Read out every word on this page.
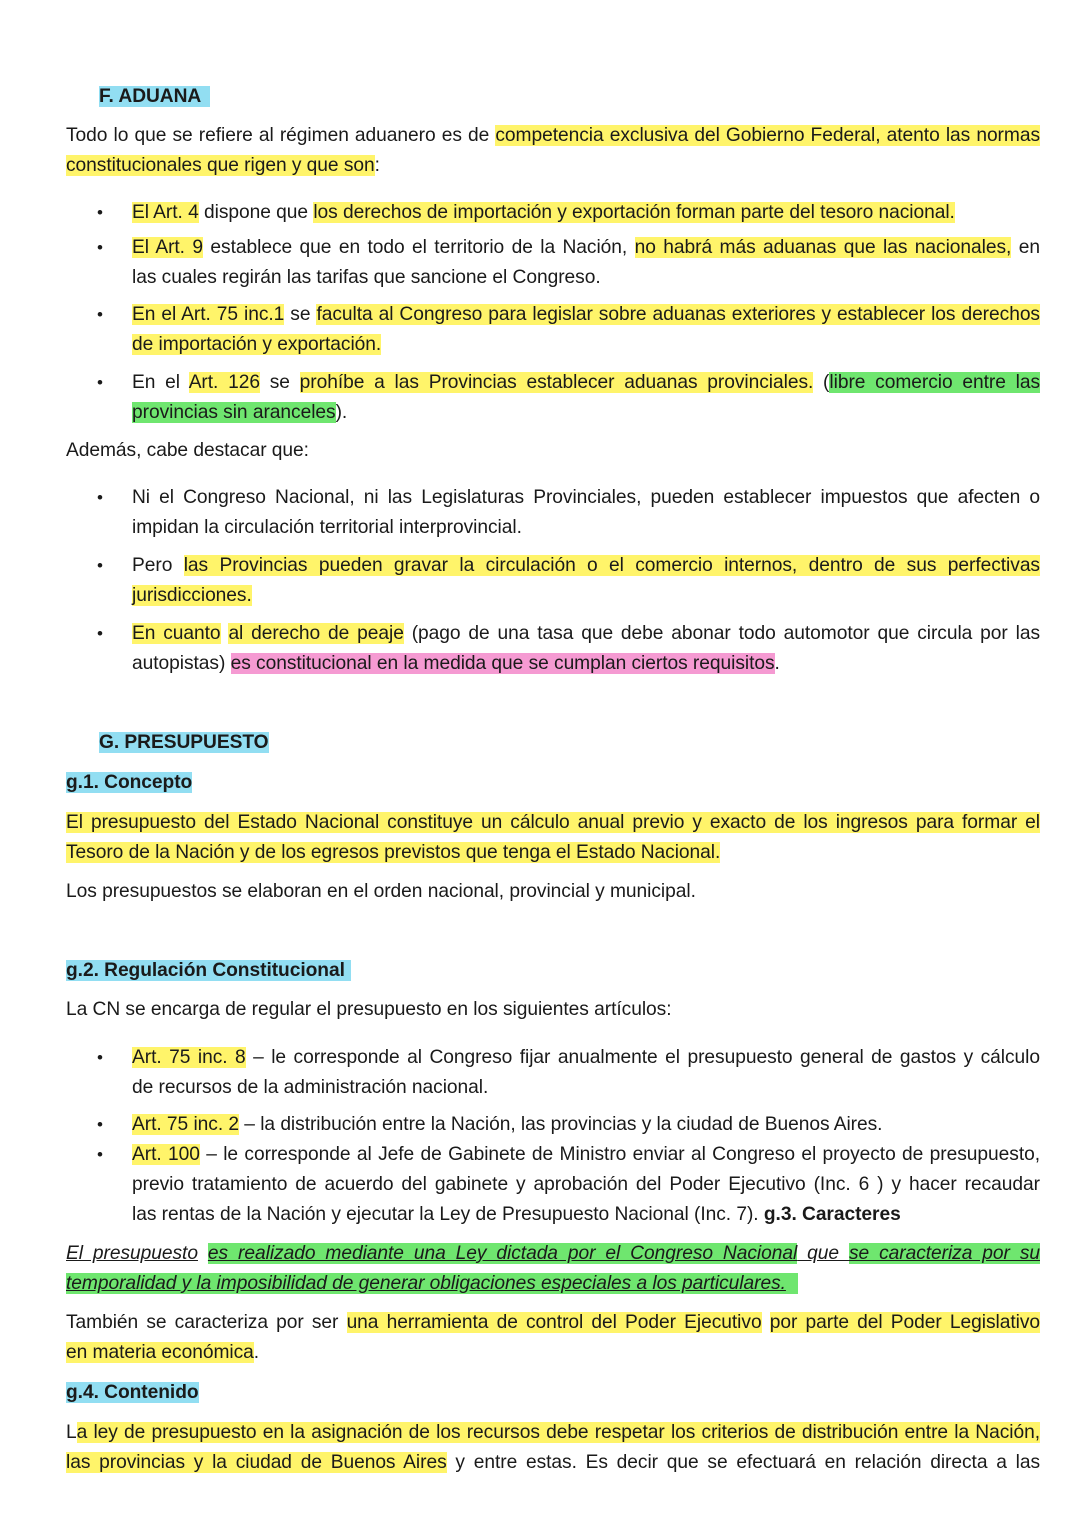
F. ADUANA
Todo lo que se refiere al régimen aduanero es de competencia exclusiva del Gobierno Federal, atento las normas
constitucionales que rigen y que son:
• El Art. 4 dispone que los derechos de importación y exportación forman parte del tesoro nacional.
• El Art. 9 establece que en todo el territorio de la Nación, no habrá más aduanas que las nacionales, en
las cuales regirán las tarifas que sancione el Congreso.
• En el Art. 75 inc.1 se faculta al Congreso para legislar sobre aduanas exteriores y establecer los derechos
de importación y exportación.
• En el Art. 126 se prohíbe a las Provincias establecer aduanas provinciales. (libre comercio entre las
provincias sin aranceles).
Además, cabe destacar que:
• Ni el Congreso Nacional, ni las Legislaturas Provinciales, pueden establecer impuestos que afecten o
impidan la circulación territorial interprovincial.
• Pero las Provincias pueden gravar la circulación o el comercio internos, dentro de sus perfectivas
jurisdicciones.
• En cuanto al derecho de peaje (pago de una tasa que debe abonar todo automotor que circula por las
autopistas) es constitucional en la medida que se cumplan ciertos requisitos.
G. PRESUPUESTO
g.1. Concepto
El presupuesto del Estado Nacional constituye un cálculo anual previo y exacto de los ingresos para formar el
Tesoro de la Nación y de los egresos previstos que tenga el Estado Nacional.
Los presupuestos se elaboran en el orden nacional, provincial y municipal.
g.2. Regulación Constitucional
La CN se encarga de regular el presupuesto en los siguientes artículos:
• Art. 75 inc. 8 – le corresponde al Congreso fijar anualmente el presupuesto general de gastos y cálculo
de recursos de la administración nacional.
• Art. 75 inc. 2 – la distribución entre la Nación, las provincias y la ciudad de Buenos Aires.
• Art. 100 – le corresponde al Jefe de Gabinete de Ministro enviar al Congreso el proyecto de presupuesto,
previo tratamiento de acuerdo del gabinete y aprobación del Poder Ejecutivo (Inc. 6 ) y hacer recaudar
las rentas de la Nación y ejecutar la Ley de Presupuesto Nacional (Inc. 7). g.3. Caracteres
El presupuesto es realizado mediante una Ley dictada por el Congreso Nacional que se caracteriza por su
temporalidad y la imposibilidad de generar obligaciones especiales a los particulares.
También se caracteriza por ser una herramienta de control del Poder Ejecutivo por parte del Poder Legislativo
en materia económica.
g.4. Contenido
La ley de presupuesto en la asignación de los recursos debe respetar los criterios de distribución entre la Nación,
las provincias y la ciudad de Buenos Aires y entre estas. Es decir que se efectuará en relación directa a las
